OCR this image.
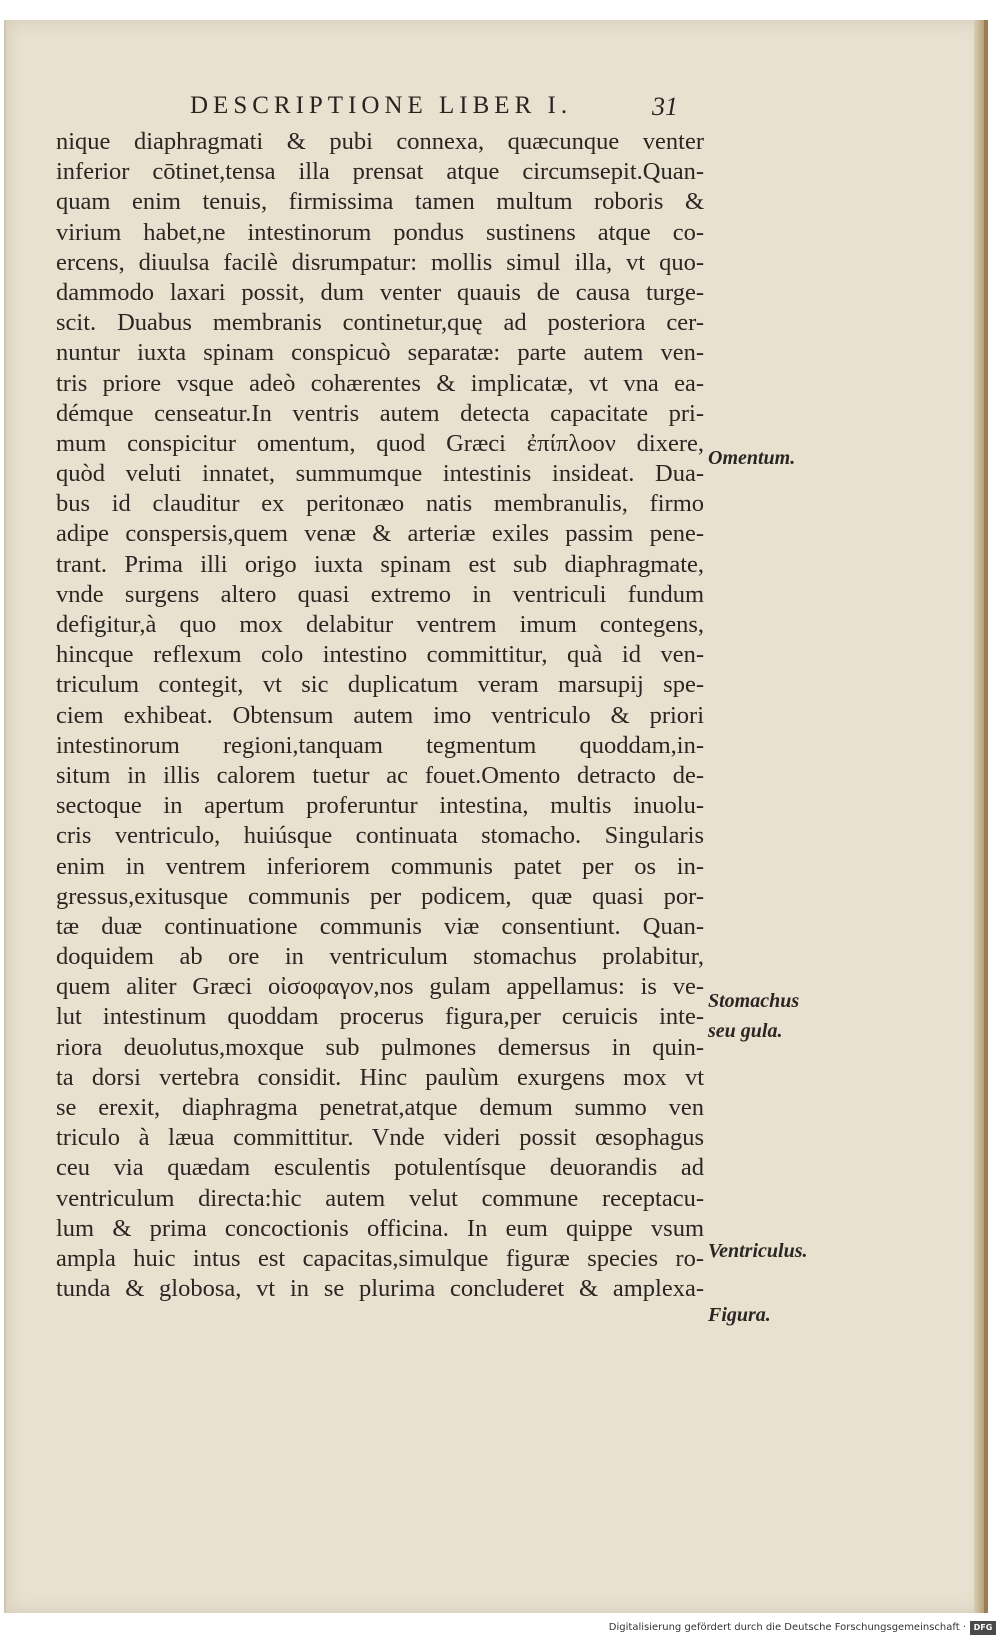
DESCRIPTIONE LIBER I.	31
nique diaphragmati & pubi connexa, quæcunque venter
inferior cōtinet,tensa illa prensat atque circumsepit.Quan-
quam enim tenuis, firmissima tamen multum roboris &
virium habet,ne intestinorum pondus sustinens atque co-
ercens, diuulsa facilè disrumpatur: mollis simul illa, vt quo-
dammodo laxari possit, dum venter quauis de causa turge-
scit. Duabus membranis continetur,quę ad posteriora cer-
nuntur iuxta spinam conspicuò separatæ: parte autem ven-
tris priore vsque adeò cohærentes & implicatæ, vt vna ea-
démque censeatur.In ventris autem detecta capacitate pri-
mum conspicitur omentum, quod Græci ἐπίπλοον dixere,
quòd veluti innatet, summumque intestinis insideat. Dua-
bus id clauditur ex peritonæo natis membranulis, firmo
adipe conspersis,quem venæ & arteriæ exiles passim pene-
trant. Prima illi origo iuxta spinam est sub diaphragmate,
vnde surgens altero quasi extremo in ventriculi fundum
defigitur,à quo mox delabitur ventrem imum contegens,
hincque reflexum colo intestino committitur, quà id ven-
triculum contegit, vt sic duplicatum veram marsupij spe-
ciem exhibeat. Obtensum autem imo ventriculo & priori
intestinorum regioni,tanquam tegmentum quoddam,in-
situm in illis calorem tuetur ac fouet.Omento detracto de-
sectoque in apertum proferuntur intestina, multis inuolu-
cris ventriculo, huiúsque continuata stomacho. Singularis
enim in ventrem inferiorem communis patet per os in-
gressus,exitusque communis per podicem, quæ quasi por-
tæ duæ continuatione communis viæ consentiunt. Quan-
doquidem ab ore in ventriculum stomachus prolabitur,
quem aliter Græci οἰσοφαγον,nos gulam appellamus: is ve-
lut intestinum quoddam procerus figura,per ceruicis inte-
riora deuolutus,moxque sub pulmones demersus in quin-
ta dorsi vertebra considit. Hinc paulùm exurgens mox vt
se erexit, diaphragma penetrat,atque demum summo ven
triculo à læua committitur. Vnde videri possit œsophagus
ceu via quædam esculentis potulentísque deuorandis ad
ventriculum directa:hic autem velut commune receptacu-
lum & prima concoctionis officina. In eum quippe vsum
ampla huic intus est capacitas,simulque figuræ species ro-
tunda & globosa, vt in se plurima concluderet & amplexa-
Omentum.
Stomachus
seu gula.
Ventriculus.
Figura.
Digitalisierung gefördert durch die Deutsche Forschungsgemeinschaft · DFG
